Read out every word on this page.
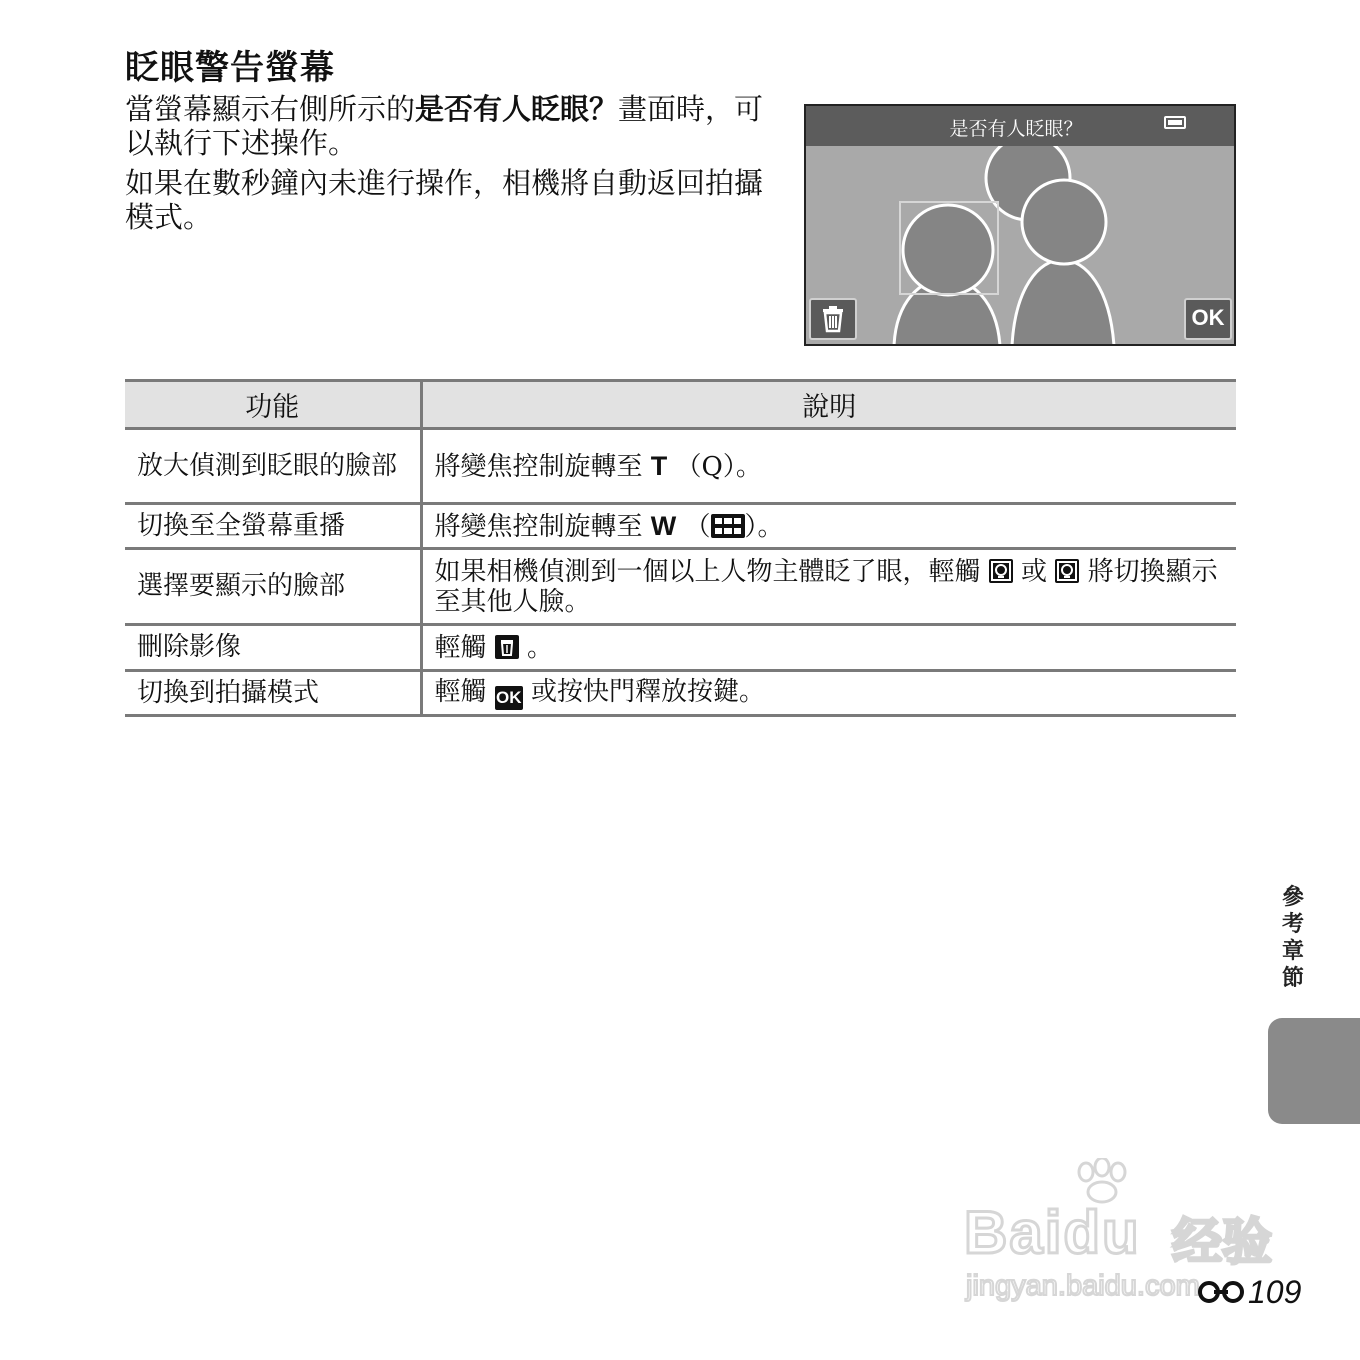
眨眼警告螢幕

當螢幕顯示右側所示的是否有人眨眼？畫面時，可以執行下述操作。

如果在數秒鐘內未進行操作，相機將自動返回拍攝模式。

是否有人眨眼？
OK
功能	說明
放大偵測到眨眼的臉部	將變焦控制旋轉至 T （Q）。
切換至全螢幕重播	將變焦控制旋轉至 W （ ）。
選擇要顯示的臉部	如果相機偵測到一個以上人物主體眨了眼，輕觸 或 將切換顯示至其他人臉。
刪除影像	輕觸 。
切換到拍攝模式	輕觸 OK 或按快門釋放按鍵。
參考章節
Baidu 经验
jingyan.baidu.com	109
